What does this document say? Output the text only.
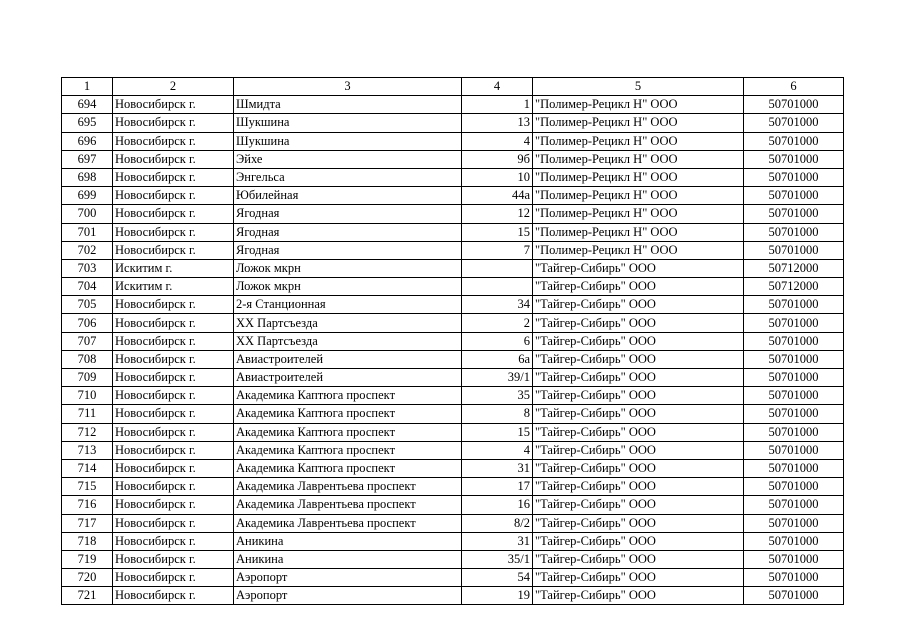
1	2	3	4	5	6
694	Новосибирск г.	Шмидта	1	"Полимер-Рецикл Н" ООО	50701000
695	Новосибирск г.	Шукшина	13	"Полимер-Рецикл Н" ООО	50701000
696	Новосибирск г.	Шукшина	4	"Полимер-Рецикл Н" ООО	50701000
697	Новосибирск г.	Эйхе	9б	"Полимер-Рецикл Н" ООО	50701000
698	Новосибирск г.	Энгельса	10	"Полимер-Рецикл Н" ООО	50701000
699	Новосибирск г.	Юбилейная	44а	"Полимер-Рецикл Н" ООО	50701000
700	Новосибирск г.	Ягодная	12	"Полимер-Рецикл Н" ООО	50701000
701	Новосибирск г.	Ягодная	15	"Полимер-Рецикл Н" ООО	50701000
702	Новосибирск г.	Ягодная	7	"Полимер-Рецикл Н" ООО	50701000
703	Искитим г.	Ложок мкрн		"Тайгер-Сибирь" ООО	50712000
704	Искитим г.	Ложок мкрн		"Тайгер-Сибирь" ООО	50712000
705	Новосибирск г.	2-я Станционная	34	"Тайгер-Сибирь" ООО	50701000
706	Новосибирск г.	XX Партсъезда	2	"Тайгер-Сибирь" ООО	50701000
707	Новосибирск г.	XX Партсъезда	6	"Тайгер-Сибирь" ООО	50701000
708	Новосибирск г.	Авиастроителей	6а	"Тайгер-Сибирь" ООО	50701000
709	Новосибирск г.	Авиастроителей	39/1	"Тайгер-Сибирь" ООО	50701000
710	Новосибирск г.	Академика Каптюга проспект	35	"Тайгер-Сибирь" ООО	50701000
711	Новосибирск г.	Академика Каптюга проспект	8	"Тайгер-Сибирь" ООО	50701000
712	Новосибирск г.	Академика Каптюга проспект	15	"Тайгер-Сибирь" ООО	50701000
713	Новосибирск г.	Академика Каптюга проспект	4	"Тайгер-Сибирь" ООО	50701000
714	Новосибирск г.	Академика Каптюга проспект	31	"Тайгер-Сибирь" ООО	50701000
715	Новосибирск г.	Академика Лаврентьева проспект	17	"Тайгер-Сибирь" ООО	50701000
716	Новосибирск г.	Академика Лаврентьева проспект	16	"Тайгер-Сибирь" ООО	50701000
717	Новосибирск г.	Академика Лаврентьева проспект	8/2	"Тайгер-Сибирь" ООО	50701000
718	Новосибирск г.	Аникина	31	"Тайгер-Сибирь" ООО	50701000
719	Новосибирск г.	Аникина	35/1	"Тайгер-Сибирь" ООО	50701000
720	Новосибирск г.	Аэропорт	54	"Тайгер-Сибирь" ООО	50701000
721	Новосибирск г.	Аэропорт	19	"Тайгер-Сибирь" ООО	50701000
